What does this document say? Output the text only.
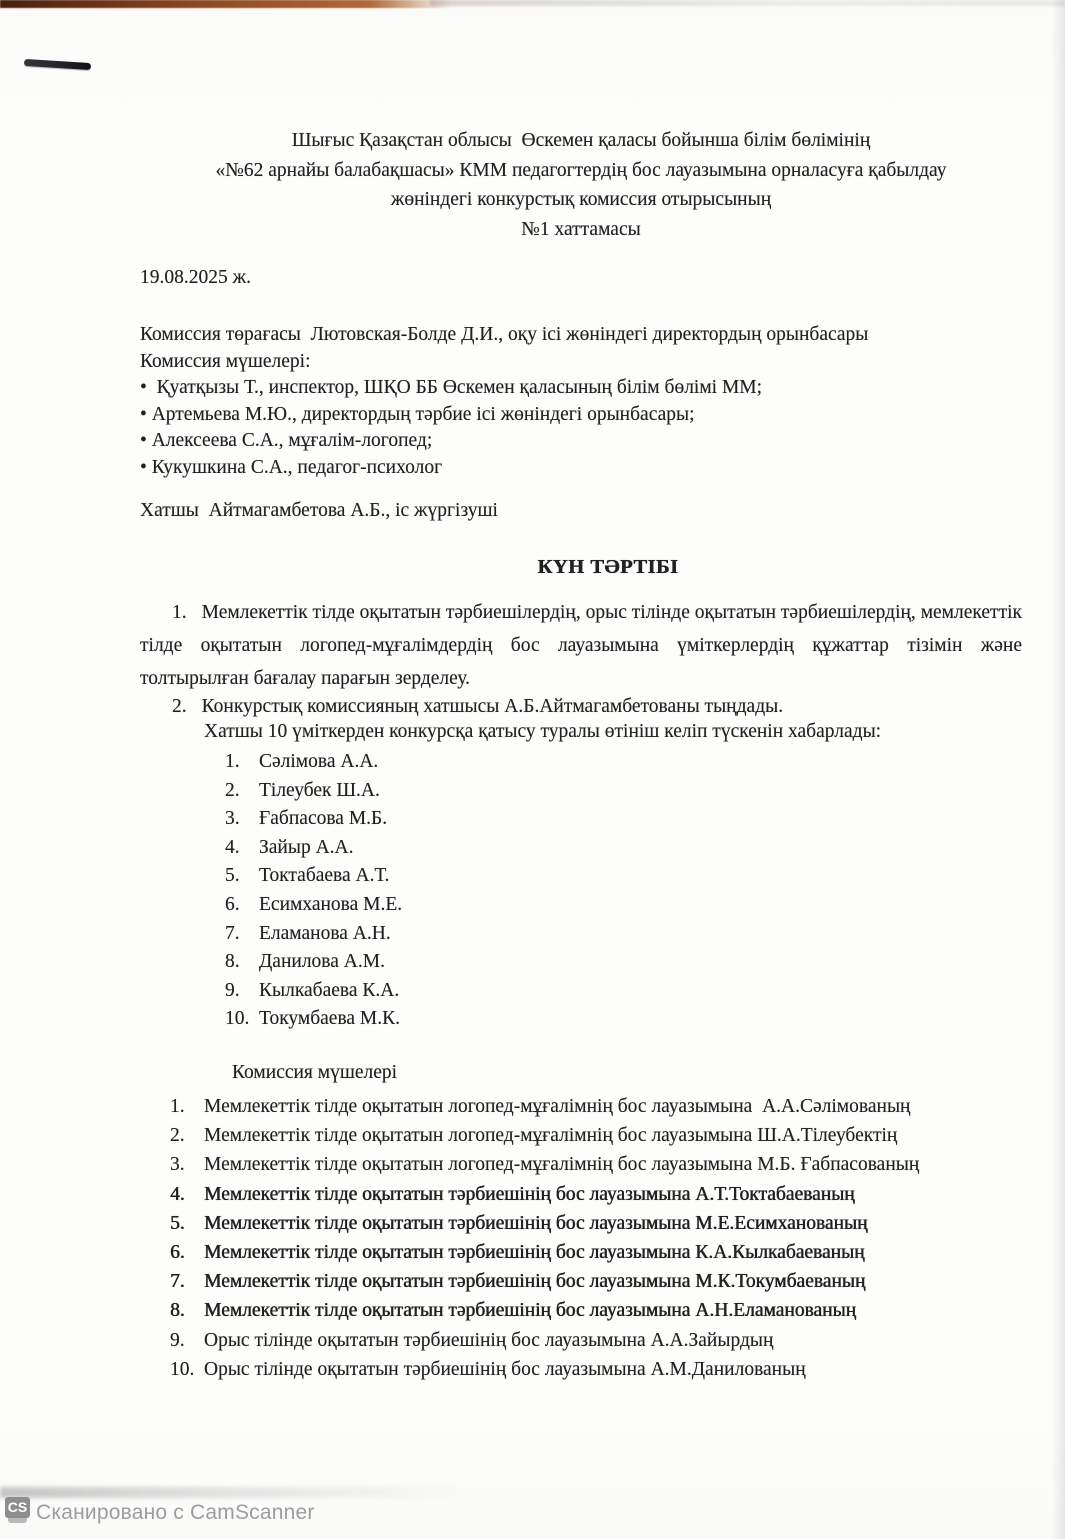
Шығыс Қазақстан облысы  Өскемен қаласы бойынша білім бөлімінің
«№62 арнайы балабақшасы» КММ педагогтердің бос лауазымына орналасуға қабылдау
жөніндегі конкурстық комиссия отырысының
№1 хаттамасы
19.08.2025 ж.
Комиссия төрағасы  Лютовская-Болде Д.И., оқу ісі жөніндегі директордың орынбасары
Комиссия мүшелері:
•  Қуатқызы Т., инспектор, ШҚО ББ Өскемен қаласының білім бөлімі ММ;
• Артемьева М.Ю., директордың тәрбие ісі жөніндегі орынбасары;
• Алексеева С.А., мұғалім-логопед;
• Кукушкина С.А., педагог-психолог
Хатшы  Айтмагамбетова А.Б., іс жүргізуші
КҮН ТӘРТІБІ

1. Мемлекеттік тілде оқытатын тәрбиешілердің, орыс тілінде оқытатын тәрбиешілердің, мемлекеттік тілде оқытатын логопед-мұғалімдердің бос лауазымына үміткерлердің құжаттар тізімін және толтырылған бағалау парағын зерделеу.

2. Конкурстық комиссияның хатшысы А.Б.Айтмагамбетованы тыңдады.

Хатшы 10 үміткерден конкурсқа қатысу туралы өтініш келіп түскенін хабарлады:
1. Сәлімова А.А.
2. Тілеубек Ш.А.
3. Ғабпасова М.Б.
4. Зайыр А.А.
5. Токтабаева А.Т.
6. Есимханова М.Е.
7. Еламанова А.Н.
8. Данилова А.М.
9. Кылкабаева К.А.
10. Токумбаева М.К.
Комиссия мүшелері
1. Мемлекеттік тілде оқытатын логопед-мұғалімнің бос лауазымына  А.А.Сәлімованың
2. Мемлекеттік тілде оқытатын логопед-мұғалімнің бос лауазымына Ш.А.Тілеубектің
3. Мемлекеттік тілде оқытатын логопед-мұғалімнің бос лауазымына М.Б. Ғабпасованың
4. Мемлекеттік тілде оқытатын тәрбиешінің бос лауазымына А.Т.Токтабаеваның
5. Мемлекеттік тілде оқытатын тәрбиешінің бос лауазымына М.Е.Есимханованың
6. Мемлекеттік тілде оқытатын тәрбиешінің бос лауазымына К.А.Кылкабаеваның
7. Мемлекеттік тілде оқытатын тәрбиешінің бос лауазымына М.К.Токумбаеваның
8. Мемлекеттік тілде оқытатын тәрбиешінің бос лауазымына А.Н.Еламанованың
9. Орыс тілінде оқытатын тәрбиешінің бос лауазымына А.А.Зайырдың
10. Орыс тілінде оқытатын тәрбиешінің бос лауазымына А.М.Данилованың
CS Сканировано с CamScanner
